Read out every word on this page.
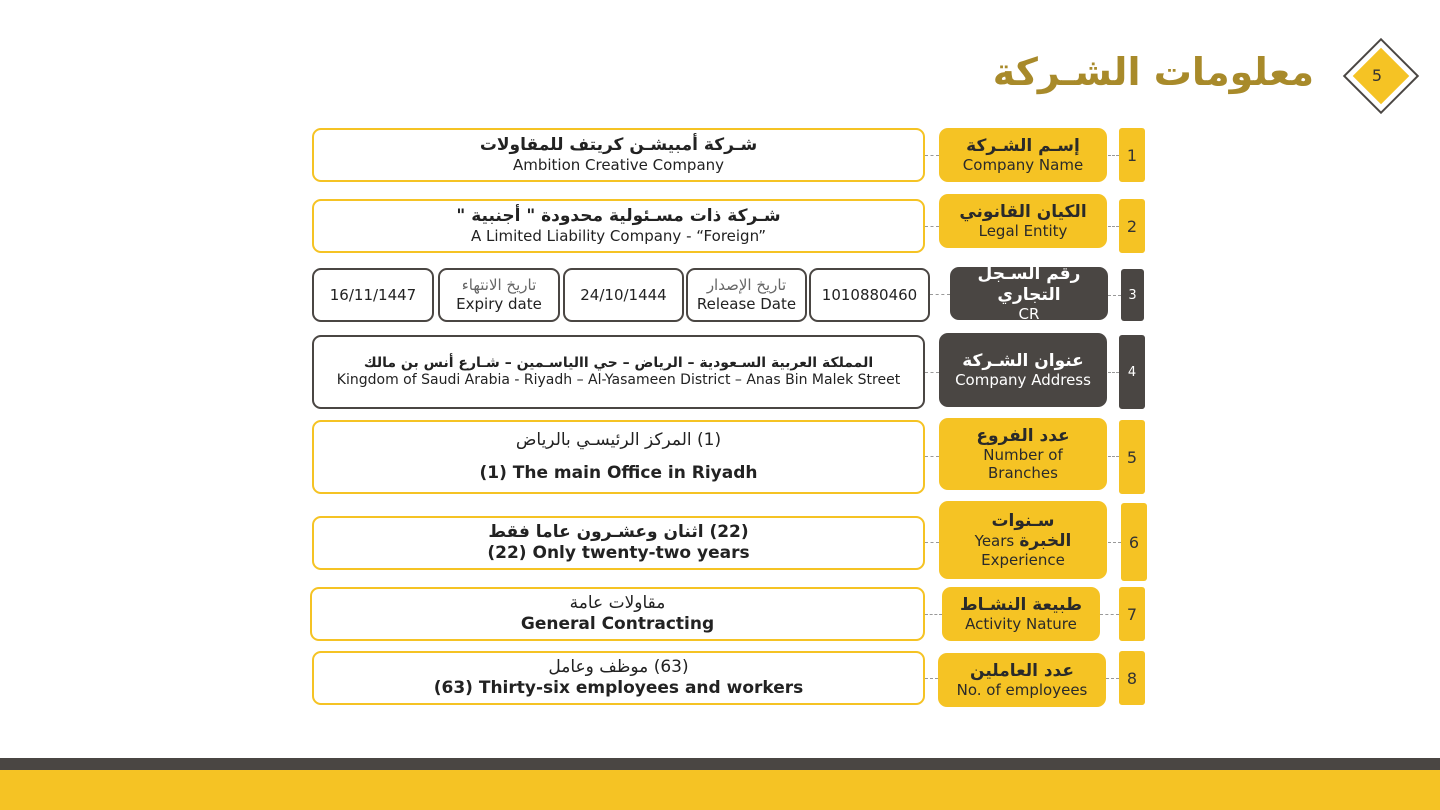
معلومات الشـركة	5
1
إسـم الشـركة
Company Name
شـركة أمبيشـن كريتف للمقاولات
Ambition Creative Company
2
الكيان القانوني
Legal Entity
شـركة ذات مسـئولية محدودة " أجنبية "
A Limited Liability Company - “Foreign”
3
رقم السـجل التجاري
CR
1010880460
تاريخ الإصدار
Release Date
24/10/1444
تاريخ الانتهاء
Expiry date
16/11/1447
4
عنوان الشـركة
Company Address
المملكة العربية السـعودية – الرياض – حي االياسـمين – شـارع أنس بن مالك
Kingdom of Saudi Arabia - Riyadh – Al-Yasameen District – Anas Bin Malek Street
5
عدد الفروع
Number of Branches
(1) المركز الرئيسـي بالرياض
(1) The main Office in Riyadh
6
سـنوات
Years الخبرة
Experience
(22) اثنان وعشـرون عاما فقط
(22) Only twenty-two years
7
طبيعة النشـاط
Activity Nature
مقاولات عامة
General Contracting
8
عدد العاملين
No. of employees
(63) موظف وعامل
(63) Thirty-six employees and workers
